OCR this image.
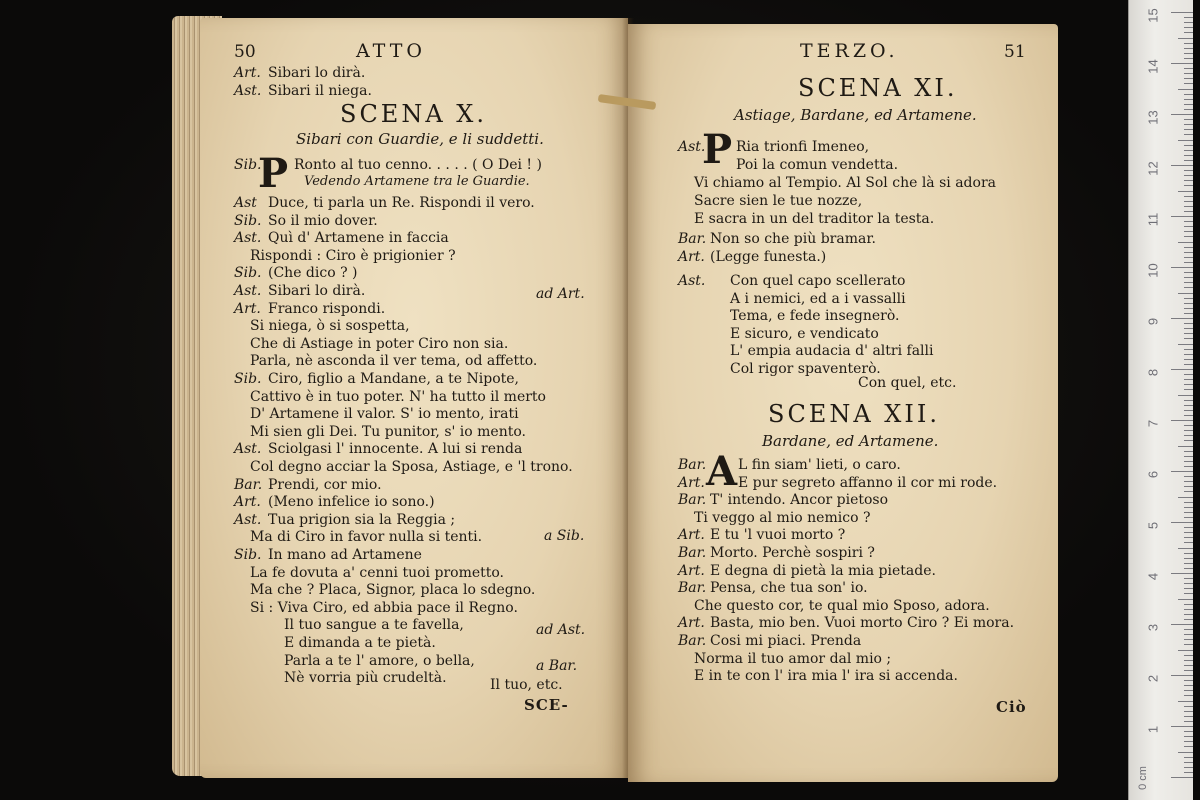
0 cm
15
14
13
12
11
10
9
8
7
6
5
4
3
2
1
50	ATTO
Art. Sibari lo dirà.
Ast. Sibari il niega.
SCENA X.
Sibari con Guardie, e li suddetti.
P Vedendo Artamene tra le Guardie.
Sib. Ronto al tuo cenno. . . . . ( O Dei ! )
Ast Duce, ti parla un Re. Rispondi il vero.
Sib. So il mio dover.
Ast. Quì d' Artamene in faccia
Rispondi : Ciro è prigionier ?
Sib. (Che dico ? )
Ast. Sibari lo dirà.
Art. Franco rispondi.
Si niega, ò si sospetta,
Che di Astiage in poter Ciro non sia.
Parla, nè asconda il ver tema, od affetto.
Sib. Ciro, figlio a Mandane, a te Nipote,
Cattivo è in tuo poter. N' ha tutto il merto
D' Artamene il valor. S' io mento, irati
Mi sien gli Dei. Tu punitor, s' io mento.
Ast. Sciolgasi l' innocente. A lui si renda
Col degno acciar la Sposa, Astiage, e 'l trono.
Bar. Prendi, cor mio.
Art. (Meno infelice io sono.)
Ast. Tua prigion sia la Reggia ;
Ma di Ciro in favor nulla si tenti.
Sib. In mano ad Artamene
La fe dovuta a' cenni tuoi prometto.
Ma che ? Placa, Signor, placa lo sdegno.
Si : Viva Ciro, ed abbia pace il Regno.
Il tuo sangue a te favella,
E dimanda a te pietà.
Parla a te l' amore, o bella,
Nè vorria più crudeltà.
ad Art.
a Sib.
ad Ast.
a Bar.
Il tuo, etc.
SCE-
TERZO.	51
SCENA XI.
Astiage, Bardane, ed Artamene.
P
Ast. Ria trionfi Imeneo,
Poi la comun vendetta.
Vi chiamo al Tempio. Al Sol che là si adora
Sacre sien le tue nozze,
E sacra in un del traditor la testa.
Bar. Non so che più bramar.
Art. (Legge funesta.)
Ast. Con quel capo scellerato
A i nemici, ed a i vassalli
Tema, e fede insegnerò.
E sicuro, e vendicato
L' empia audacia d' altri falli
Col rigor spaventerò.
Con quel, etc.
SCENA XII.
Bardane, ed Artamene.
A
Bar. L fin siam' lieti, o caro.
Art. E pur segreto affanno il cor mi rode.
Bar. T' intendo. Ancor pietoso
Ti veggo al mio nemico ?
Art. E tu 'l vuoi morto ?
Bar. Morto. Perchè sospiri ?
Art. E degna di pietà la mia pietade.
Bar. Pensa, che tua son' io.
Che questo cor, te qual mio Sposo, adora.
Art. Basta, mio ben. Vuoi morto Ciro ? Ei mora.
Bar. Cosi mi piaci. Prenda
Norma il tuo amor dal mio ;
E in te con l' ira mia l' ira si accenda.
Ciò
